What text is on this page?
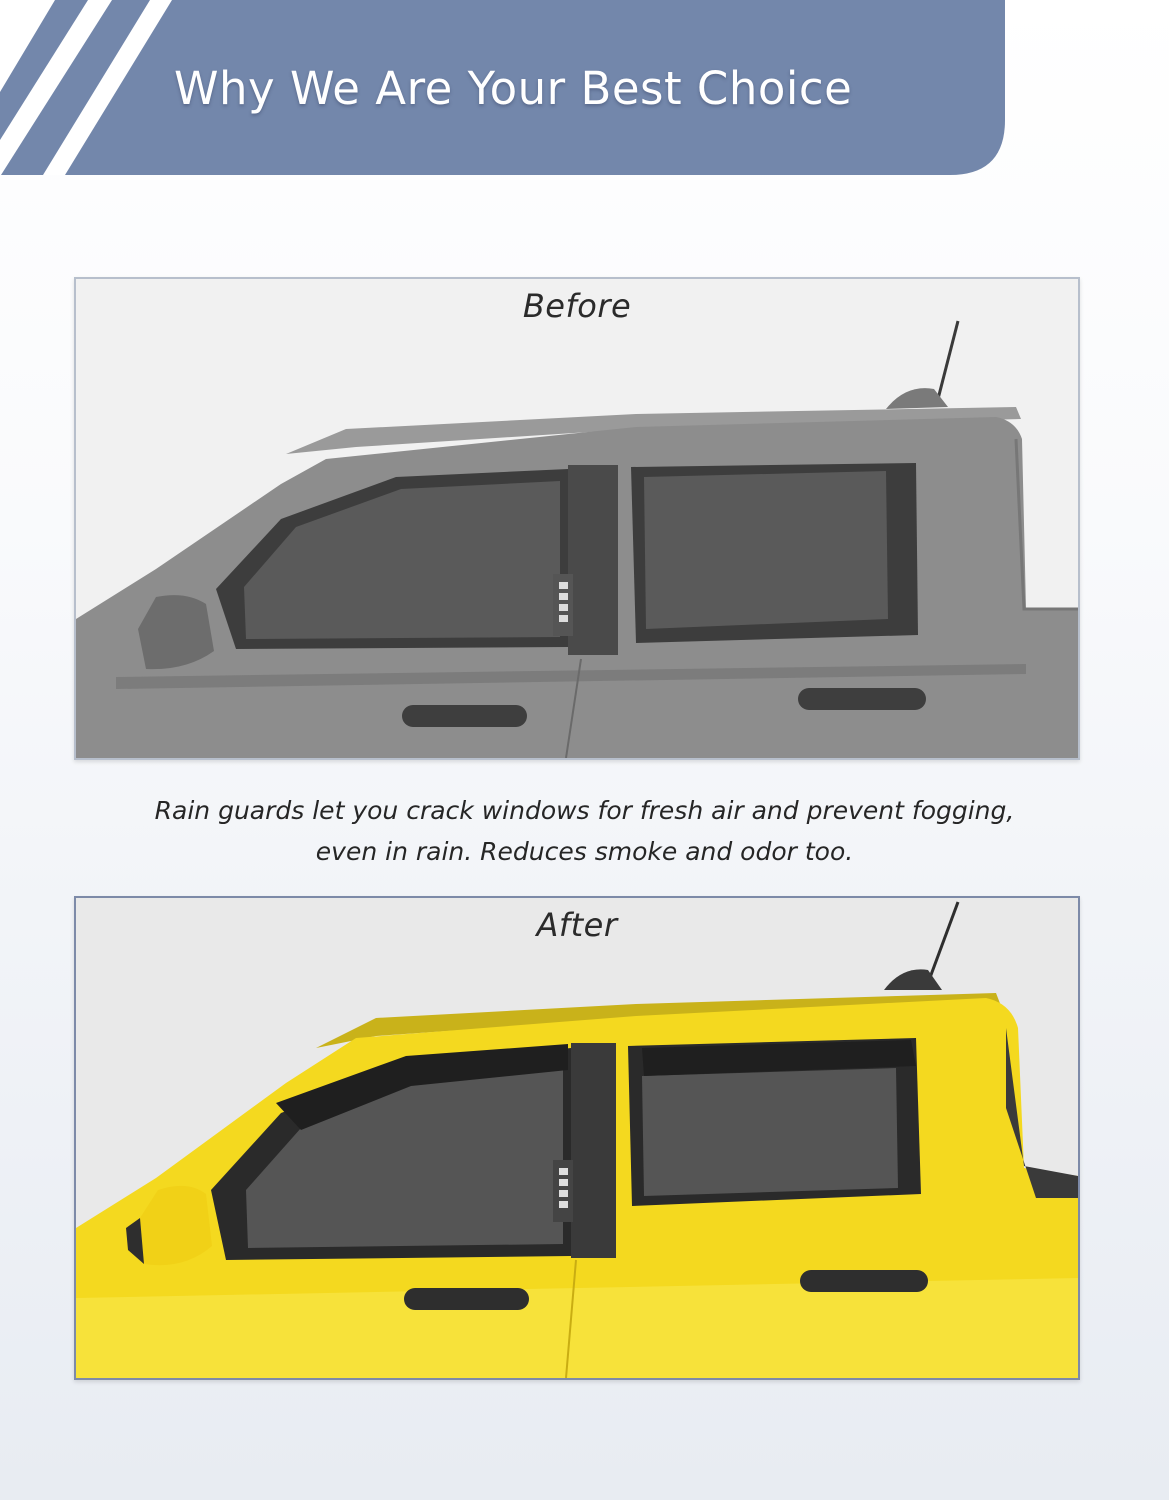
Why We Are Your Best Choice
Before

Rain guards let you crack windows for fresh air and prevent fogging,
even in rain. Reduces smoke and odor too.

After
